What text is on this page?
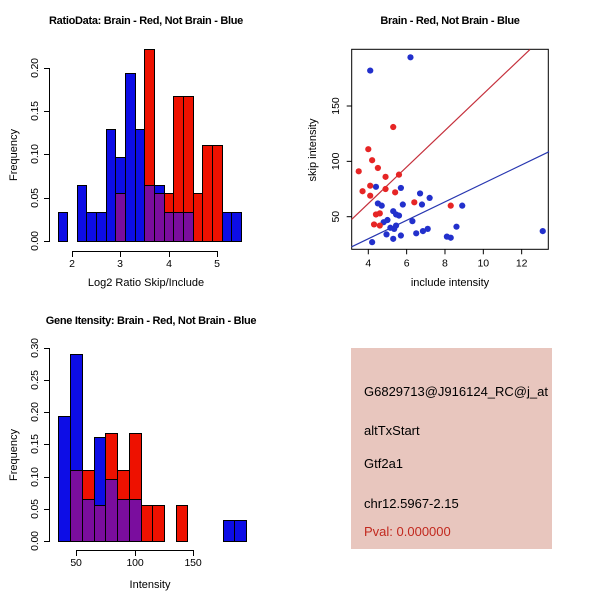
RatioData: Brain - Red, Not Brain - Blue
Frequency
Log2 Ratio Skip/Include
0.00
0.05
0.10
0.15
0.20
2	3	4	5
Brain - Red, Not Brain - Blue
skip intensity
include intensity
4	6	8	10	12
50
100
150
Gene Itensity: Brain - Red, Not Brain - Blue
Frequency
Intensity
0.00
0.05
0.10
0.15
0.20
0.25
0.30
50	100	150
G6829713@J916124_RC@j_at
altTxStart
Gtf2a1
chr12.5967-2.15
Pval: 0.000000
